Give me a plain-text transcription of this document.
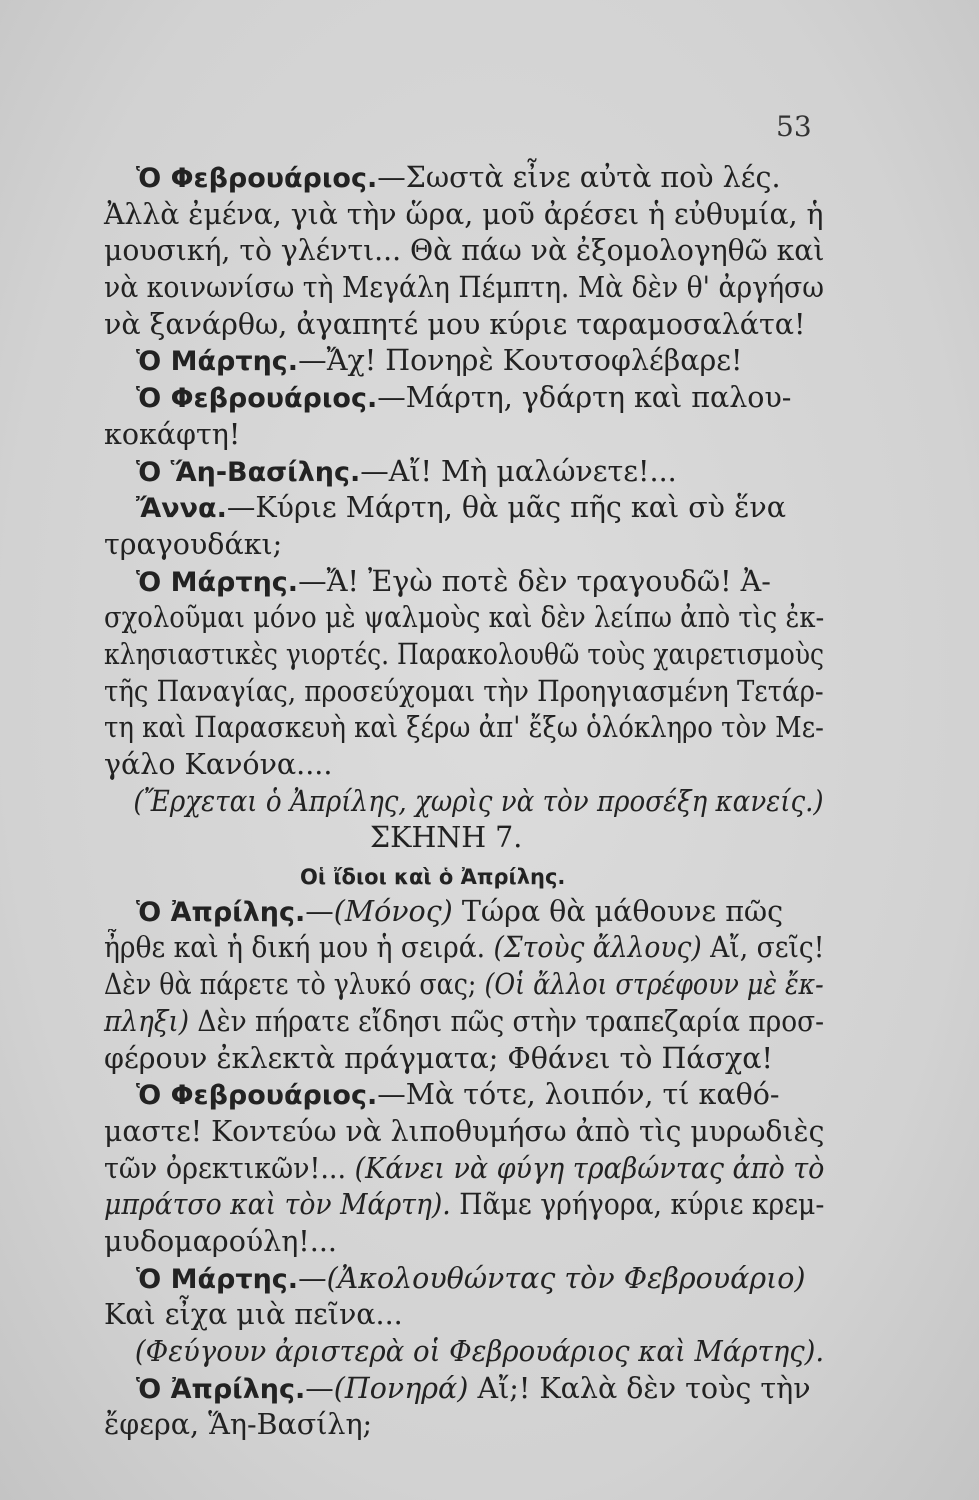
53
Ὁ Φεβρουάριος.—Σωστὰ εἶνε αὐτὰ ποὺ λές.
Ἀλλὰ ἐμένα, γιὰ τὴν ὥρα, μοῦ ἀρέσει ἡ εὐθυμία, ἡ
μουσική, τὸ γλέντι... Θὰ πάω νὰ ἐξομολογηθῶ καὶ
νὰ κοινωνίσω τὴ Μεγάλη Πέμπτη. Μὰ δὲν θ' ἀργήσω
νὰ ξανάρθω, ἀγαπητέ μου κύριε ταραμοσαλάτα!
Ὁ Μάρτης.—Ἄχ! Πονηρὲ Κουτσοφλέβαρε!
Ὁ Φεβρουάριος.—Μάρτη, γδάρτη καὶ παλου-
κοκάφτη!
Ὁ Ἅη-Βασίλης.—Αἴ! Μὴ μαλώνετε!...
Ἄννα.—Κύριε Μάρτη, θὰ μᾶς πῆς καὶ σὺ ἕνα
τραγουδάκι;
Ὁ Μάρτης.—Ἄ! Ἐγὼ ποτὲ δὲν τραγουδῶ! Ἀ-
σχολοῦμαι μόνο μὲ ψαλμοὺς καὶ δὲν λείπω ἀπὸ τὶς ἐκ-
κλησιαστικὲς γιορτές. Παρακολουθῶ τοὺς χαιρετισμοὺς
τῆς Παναγίας, προσεύχομαι τὴν Προηγιασμένη Τετάρ-
τη καὶ Παρασκευὴ καὶ ξέρω ἀπ' ἔξω ὁλόκληρο τὸν Με-
γάλο Κανόνα....
(Ἔρχεται ὁ Ἀπρίλης, χωρὶς νὰ τὸν προσέξη κανείς.)
ΣΚΗΝΗ 7.
Οἱ ἴδιοι καὶ ὁ Ἀπρίλης.
Ὁ Ἀπρίλης.—(Μόνος) Τώρα θὰ μάθουνε πῶς
ἦρθε καὶ ἡ δική μου ἡ σειρά. (Στοὺς ἄλλους) Αἴ, σεῖς!
Δὲν θὰ πάρετε τὸ γλυκό σας; (Οἱ ἄλλοι στρέφουν μὲ ἔκ-
πληξι) Δὲν πήρατε εἴδησι πῶς στὴν τραπεζαρία προσ-
φέρουν ἐκλεκτὰ πράγματα; Φθάνει τὸ Πάσχα!
Ὁ Φεβρουάριος.—Μὰ τότε, λοιπόν, τί καθό-
μαστε! Κοντεύω νὰ λιποθυμήσω ἀπὸ τὶς μυρωδιὲς
τῶν ὀρεκτικῶν!... (Κάνει νὰ φύγη τραβώντας ἀπὸ τὸ
μπράτσο καὶ τὸν Μάρτη). Πᾶμε γρήγορα, κύριε κρεμ-
μυδομαρούλη!...
Ὁ Μάρτης.—(Ἀκολουθώντας τὸν Φεβρουάριο)
Καὶ εἶχα μιὰ πεῖνα...
(Φεύγουν ἀριστερὰ οἱ Φεβρουάριος καὶ Μάρτης).
Ὁ Ἀπρίλης.—(Πονηρά) Αἴ;! Καλὰ δὲν τοὺς τὴν
ἔφερα, Ἅη-Βασίλη;
